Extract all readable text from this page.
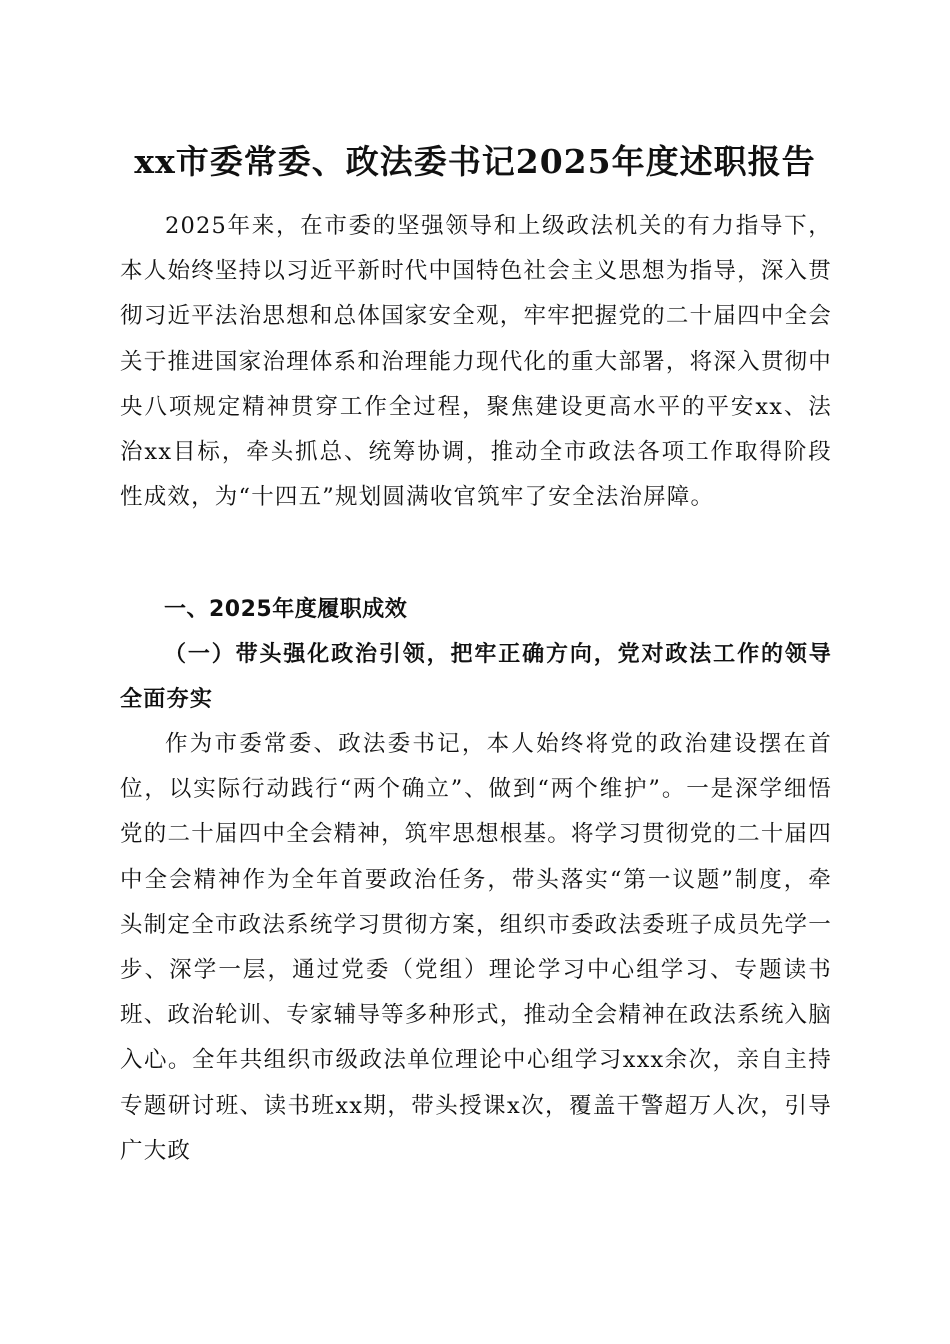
xx市委常委、政法委书记2025年度述职报告

2025年来，在市委的坚强领导和上级政法机关的有力指导下，本人始终坚持以习近平新时代中国特色社会主义思想为指导，深入贯彻习近平法治思想和总体国家安全观，牢牢把握党的二十届四中全会关于推进国家治理体系和治理能力现代化的重大部署，将深入贯彻中央八项规定精神贯穿工作全过程，聚焦建设更高水平的平安xx、法治xx目标，牵头抓总、统筹协调，推动全市政法各项工作取得阶段性成效，为“十四五”规划圆满收官筑牢了安全法治屏障。

一、2025年度履职成效
（一）带头强化政治引领，把牢正确方向，党对政法工作的领导全面夯实

作为市委常委、政法委书记，本人始终将党的政治建设摆在首位，以实际行动践行“两个确立”、做到“两个维护”。一是深学细悟党的二十届四中全会精神，筑牢思想根基。将学习贯彻党的二十届四中全会精神作为全年首要政治任务，带头落实“第一议题”制度，牵头制定全市政法系统学习贯彻方案，组织市委政法委班子成员先学一步、深学一层，通过党委（党组）理论学习中心组学习、专题读书班、政治轮训、专家辅导等多种形式，推动全会精神在政法系统入脑入心。全年共组织市级政法单位理论中心组学习xxx余次，亲自主持专题研讨班、读书班xx期，带头授课x次，覆盖干警超万人次，引导广大政
